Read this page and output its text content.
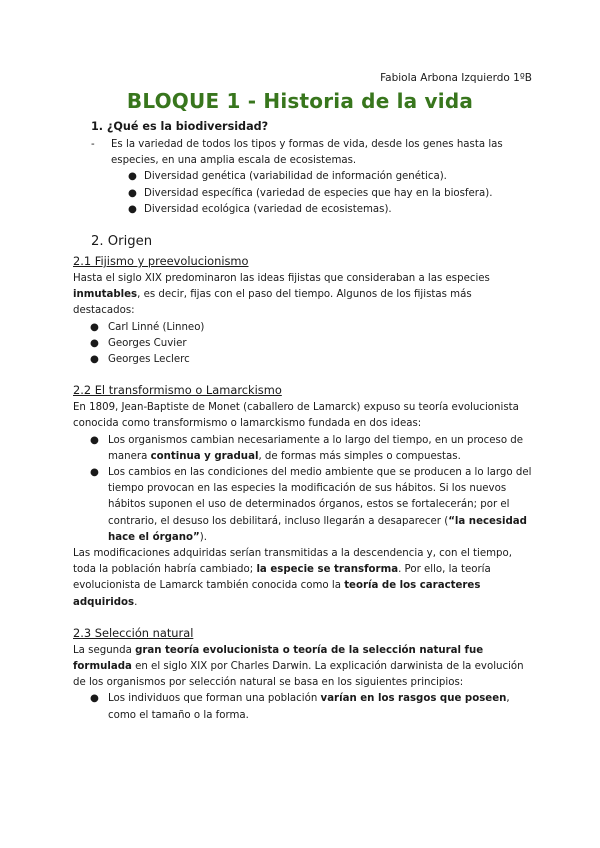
Fabiola Arbona Izquierdo 1ºB
BLOQUE 1 - Historia de la vida
1. ¿Qué es la biodiversidad?
-	Es la variedad de todos los tipos y formas de vida, desde los genes hasta las especies, en una amplia escala de ecosistemas.
● Diversidad genética (variabilidad de información genética).
● Diversidad específica (variedad de especies que hay en la biosfera).
● Diversidad ecológica (variedad de ecosistemas).
2. Origen
2.1 Fijismo y preevolucionismo

Hasta el siglo XIX predominaron las ideas fijistas que consideraban a las especies inmutables, es decir, fijas con el paso del tiempo. Algunos de los fijistas más destacados:

● Carl Linné (Linneo)
● Georges Cuvier
● Georges Leclerc
2.2 El transformismo o Lamarckismo

En 1809, Jean-Baptiste de Monet (caballero de Lamarck) expuso su teoría evolucionista conocida como transformismo o lamarckismo fundada en dos ideas:

● Los organismos cambian necesariamente a lo largo del tiempo, en un proceso de manera continua y gradual, de formas más simples o compuestas.
● Los cambios en las condiciones del medio ambiente que se producen a lo largo del tiempo provocan en las especies la modificación de sus hábitos. Si los nuevos hábitos suponen el uso de determinados órganos, estos se fortalecerán; por el contrario, el desuso los debilitará, incluso llegarán a desaparecer (“la necesidad hace el órgano”).

Las modificaciones adquiridas serían transmitidas a la descendencia y, con el tiempo, toda la población habría cambiado; la especie se transforma. Por ello, la teoría evolucionista de Lamarck también conocida como la teoría de los caracteres adquiridos.

2.3 Selección natural

La segunda gran teoría evolucionista o teoría de la selección natural fue formulada en el siglo XIX por Charles Darwin. La explicación darwinista de la evolución de los organismos por selección natural se basa en los siguientes principios:

● Los individuos que forman una población varían en los rasgos que poseen, como el tamaño o la forma.
